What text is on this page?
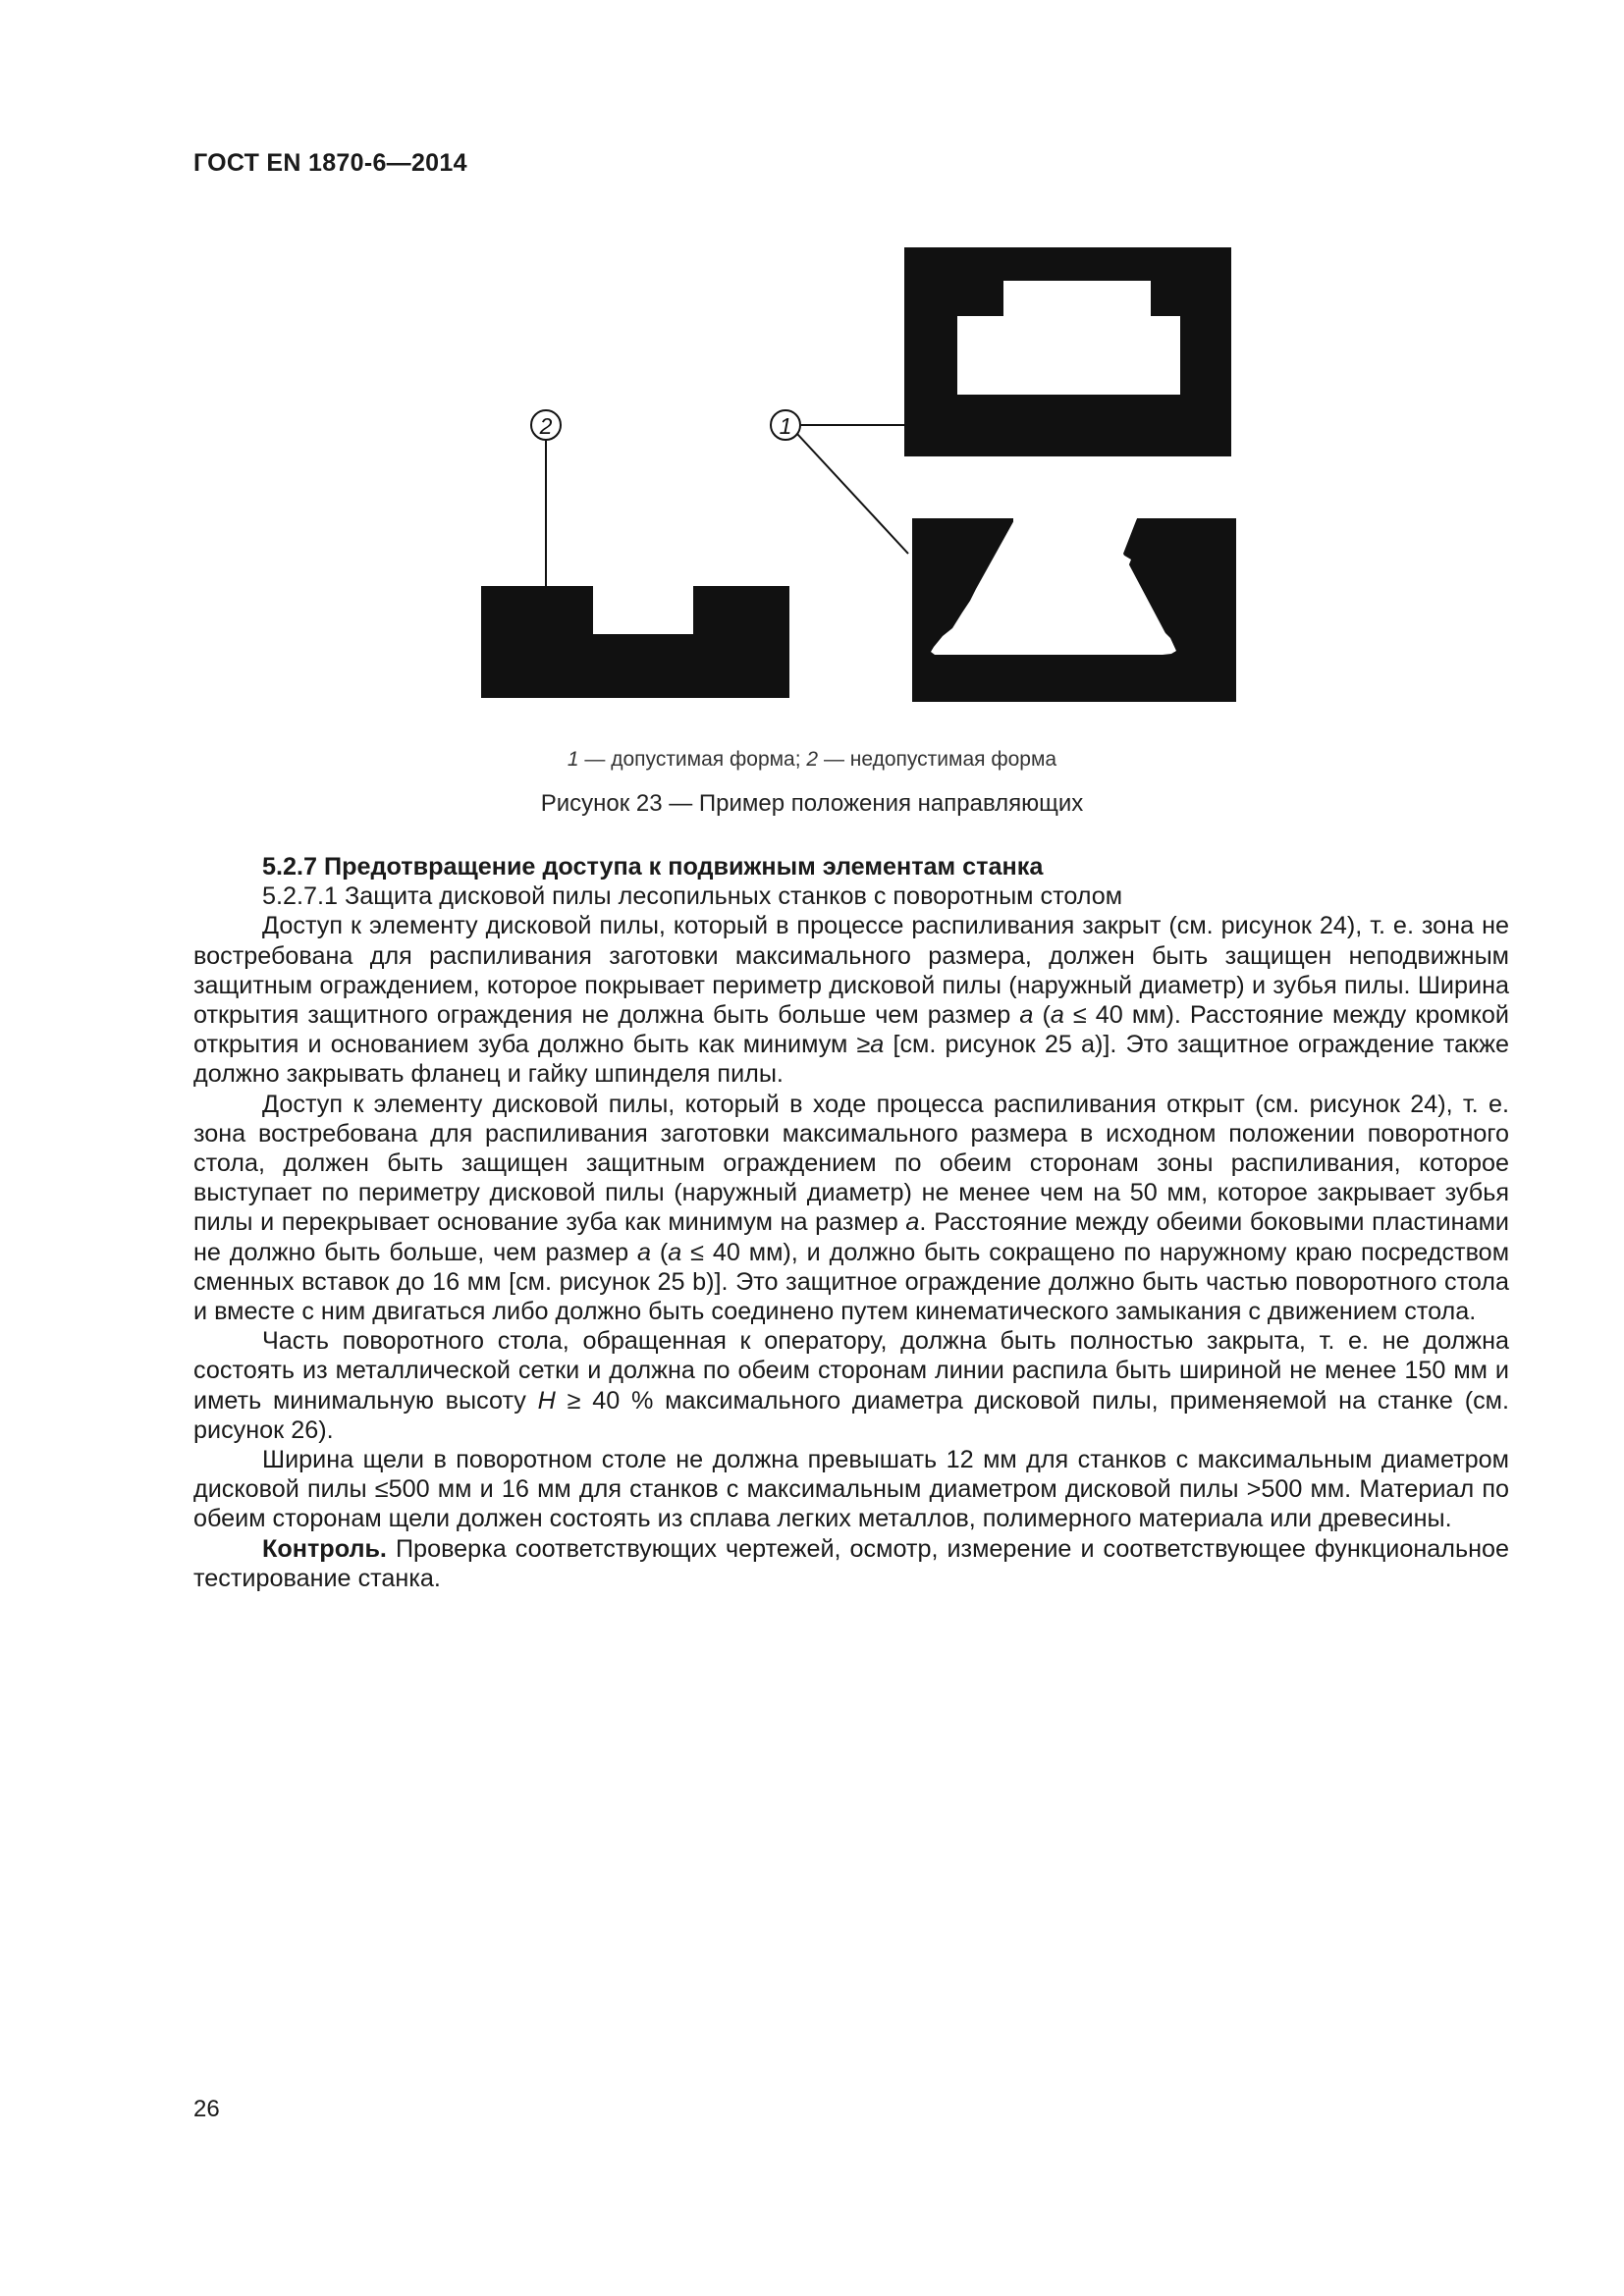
ГОСТ EN 1870-6—2014
2	1
1 — допустимая форма; 2 — недопустимая форма
Рисунок 23 — Пример положения направляющих

5.2.7 Предотвращение доступа к подвижным элементам станка

5.2.7.1 Защита дисковой пилы лесопильных станков с поворотным столом

Доступ к элементу дисковой пилы, который в процессе распиливания закрыт (см. рисунок 24), т. е. зона не востребована для распиливания заготовки максимального размера, должен быть защищен неподвижным защитным ограждением, которое покрывает периметр дисковой пилы (наружный диаметр) и зубья пилы. Ширина открытия защитного ограждения не должна быть больше чем размер a (a ≤ 40 мм). Расстояние между кромкой открытия и основанием зуба должно быть как минимум ≥a [см. рисунок 25 a)]. Это защитное ограждение также должно закрывать фланец и гайку шпинделя пилы.

Доступ к элементу дисковой пилы, который в ходе процесса распиливания открыт (см. рисунок 24), т. е. зона востребована для распиливания заготовки максимального размера в исходном положении поворотного стола, должен быть защищен защитным ограждением по обеим сторонам зоны распиливания, которое выступает по периметру дисковой пилы (наружный диаметр) не менее чем на 50 мм, которое закрывает зубья пилы и перекрывает основание зуба как минимум на размер a. Расстояние между обеими боковыми пластинами не должно быть больше, чем размер a (a ≤ 40 мм), и должно быть сокращено по наружному краю посредством сменных вставок до 16 мм [см. рисунок 25 b)]. Это защитное ограждение должно быть частью поворотного стола и вместе с ним двигаться либо должно быть соединено путем кинематического замыкания с движением стола.

Часть поворотного стола, обращенная к оператору, должна быть полностью закрыта, т. е. не должна состоять из металлической сетки и должна по обеим сторонам линии распила быть шириной не менее 150 мм и иметь минимальную высоту H ≥ 40 % максимального диаметра дисковой пилы, применяемой на станке (см. рисунок 26).

Ширина щели в поворотном столе не должна превышать 12 мм для станков с максимальным диаметром дисковой пилы ≤500 мм и 16 мм для станков с максимальным диаметром дисковой пилы >500 мм. Материал по обеим сторонам щели должен состоять из сплава легких металлов, полимерного материала или древесины.

Контроль. Проверка соответствующих чертежей, осмотр, измерение и соответствующее функциональное тестирование станка.

26
